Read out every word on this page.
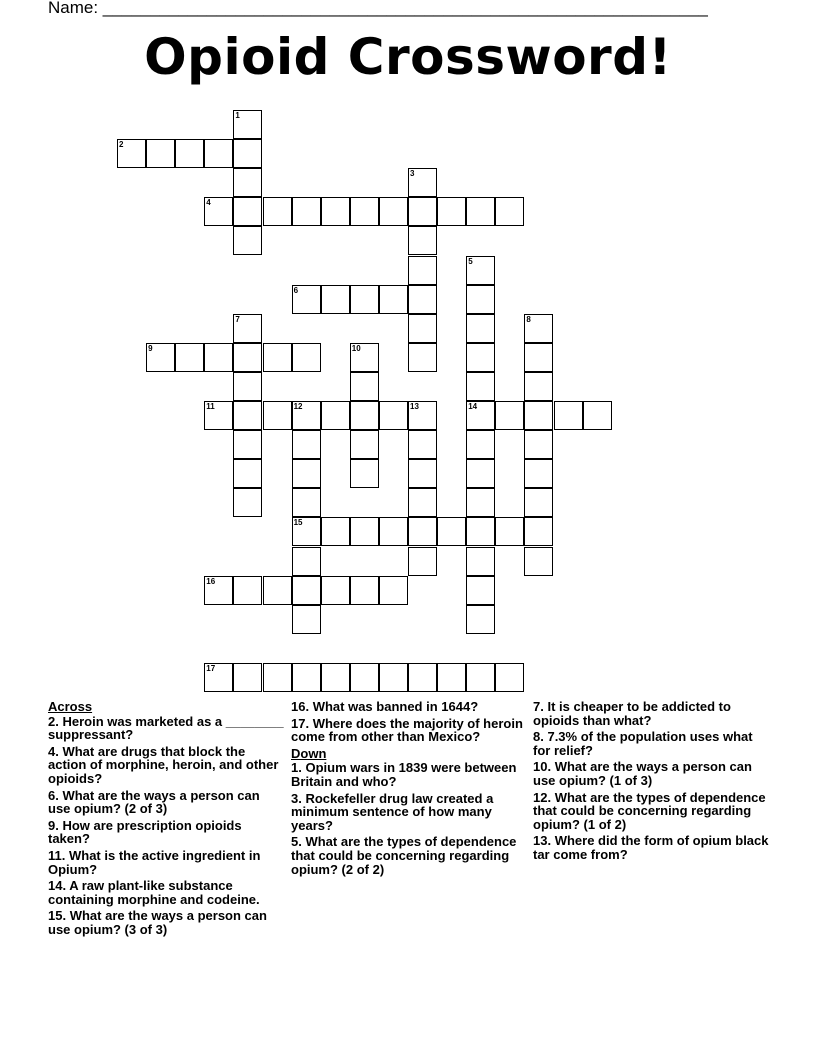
Name: ________________________________________________________________
Opioid Crossword!
1
2
3
4
5
14
6
7	8
9	10
11	12	13
15
16
17
Across
2. Heroin was marketed as a ________ suppressant?
4. What are drugs that block the action of morphine, heroin, and other opioids?
6. What are the ways a person can use opium? (2 of 3)
9. How are prescription opioids taken?
11. What is the active ingredient in Opium?
14. A raw plant-like substance containing morphine and codeine.
15. What are the ways a person can use opium? (3 of 3)
16. What was banned in 1644?
17. Where does the majority of heroin come from other than Mexico?
Down
1. Opium wars in 1839 were between Britain and who?
3. Rockefeller drug law created a minimum sentence of how many years?
5. What are the types of dependence that could be concerning regarding opium? (2 of 2)
7. It is cheaper to be addicted to opioids than what?
8. 7.3% of the population uses what for relief?
10. What are the ways a person can use opium? (1 of 3)
12. What are the types of dependence that could be concerning regarding opium? (1 of 2)
13. Where did the form of opium black tar come from?
